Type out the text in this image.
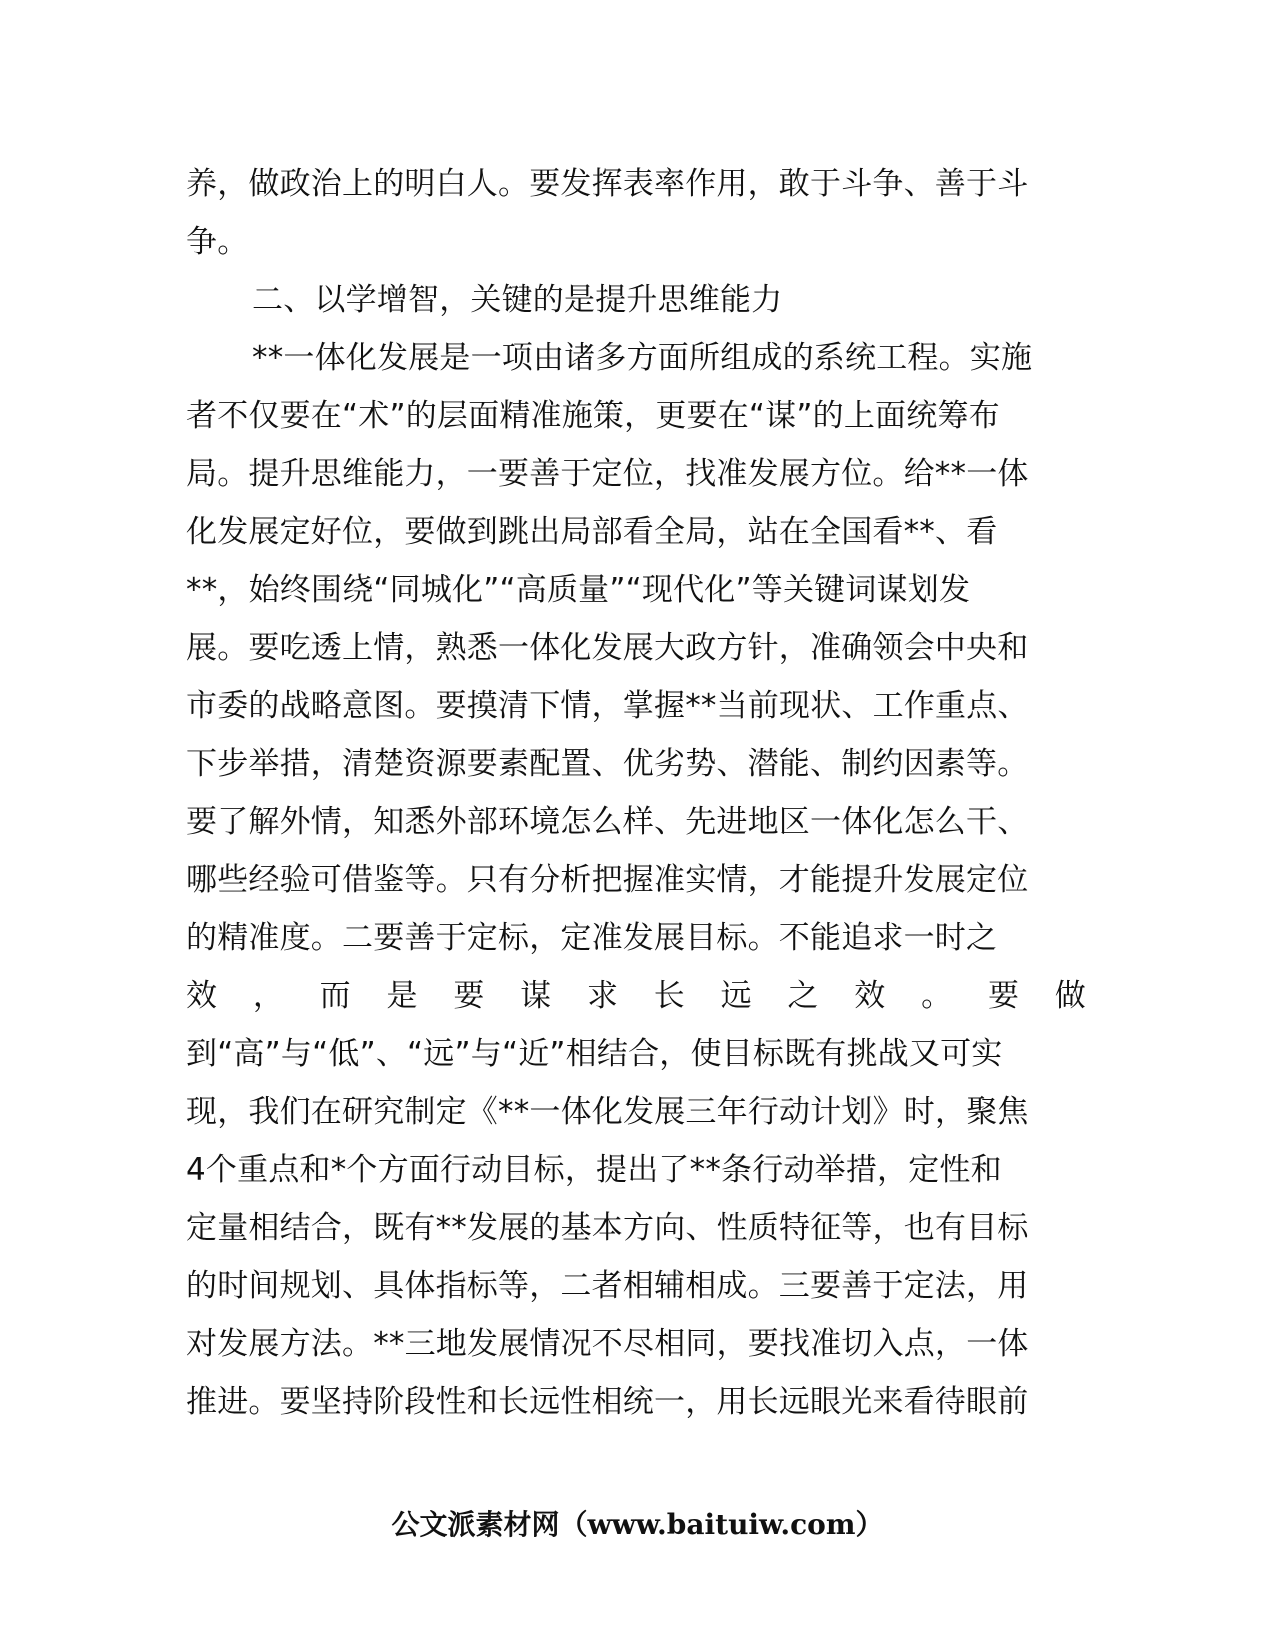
养，做政治上的明白人。要发挥表率作用，敢于斗争、善于斗
争。
二、以学增智，关键的是提升思维能力
**一体化发展是一项由诸多方面所组成的系统工程。实施
者不仅要在“术”的层面精准施策，更要在“谋”的上面统筹布
局。提升思维能力，一要善于定位，找准发展方位。给**一体
化发展定好位，要做到跳出局部看全局，站在全国看**、看
**，始终围绕“同城化”“高质量”“现代化”等关键词谋划发
展。要吃透上情，熟悉一体化发展大政方针，准确领会中央和
市委的战略意图。要摸清下情，掌握**当前现状、工作重点、
下步举措，清楚资源要素配置、优劣势、潜能、制约因素等。
要了解外情，知悉外部环境怎么样、先进地区一体化怎么干、
哪些经验可借鉴等。只有分析把握准实情，才能提升发展定位
的精准度。二要善于定标，定准发展目标。不能追求一时之
效 ， 而 是 要 谋 求 长 远 之 效 。 要 做
到“高”与“低”、“远”与“近”相结合，使目标既有挑战又可实
现，我们在研究制定《**一体化发展三年行动计划》时，聚焦
4个重点和*个方面行动目标，提出了**条行动举措，定性和
定量相结合，既有**发展的基本方向、性质特征等，也有目标
的时间规划、具体指标等，二者相辅相成。三要善于定法，用
对发展方法。**三地发展情况不尽相同，要找准切入点，一体
推进。要坚持阶段性和长远性相统一，用长远眼光来看待眼前
公文派素材网（www.baituiw.com）
